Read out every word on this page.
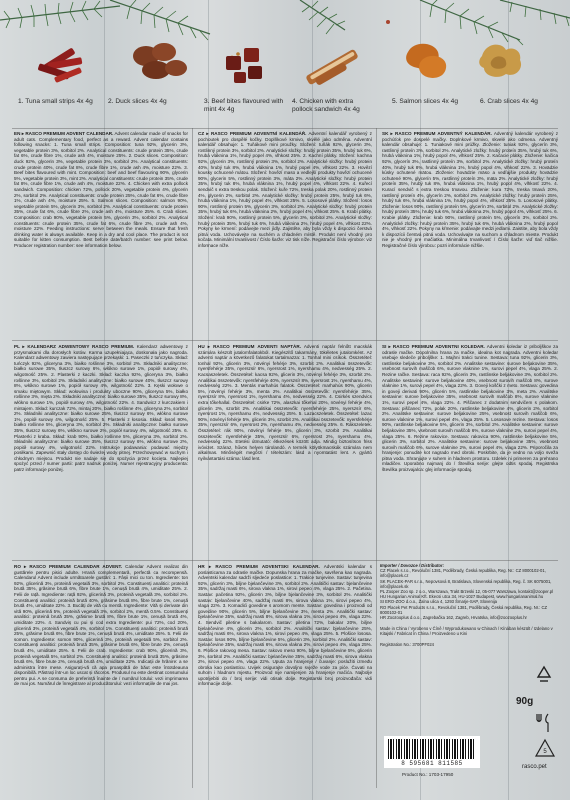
1. Tuna small strips 4x 4g	2. Duck slices 4x 4g	3. Beef bites flavoured with mint 4x 4g
4. Chicken with extra pollock sandwich 4x 4g
5. Salmon slices 4x 4g	6. Crab slices 4x 4g

EN ▸ RASCO PREMIUM ADVENT CALENDAR. Advent calendar made of snacks for adult cats. Complementary food, perfect as a reward. Advent calendar contains following snacks: 1. Tuna small strips. Composition: tuna 92%, glycerin 3%, vegetable protein 3%, sorbitol 2%. Analytical constituents: crude protein 35%, crude fat 6%, crude fibre 1%, crude ash 4%, moisture 25%. 2. Duck slices. Composition: duck 92%, glycerin 3%, vegetable protein 3%, sorbitol 2%. Analytical constituents: crude protein 40%, crude fat 8%, crude fibre 1%, crude ash 4%, moisture 22%. 3. Beef bites flavoured with mint. Composition: beef and beef flavouring 90%, glycerin 5%, vegetable protein 3%, mint 2%. Analytical constituents: crude protein 35%, crude fat 8%, crude fibre 1%, crude ash 4%, moisture 22%. 4. Chicken with extra pollock sandwich. Composition: chicken 72%, pollock 20%, vegetable protein 4%, glycerin 2%, sorbitol 2%. Analytical constituents: crude protein 25%, crude fat 6%, crude fibre 1%, crude ash 4%, moisture 25%. 5. Salmon slices. Composition: salmon 90%, vegetable protein 5%, glycerin 3%, sorbitol 2%. Analytical constituents: crude protein 35%, crude fat 6%, crude fibre 2%, crude ash 4%, moisture 25%. 6. Crab slices. Composition: crab 90%, vegetable protein 5%, glycerin 3%, sorbitol 2%. Analytical constituents: crude protein 35%, crude fat 6%, crude fibre 2%, crude ash 4%, moisture 22%. Feeding instructions: serve between the meals. Ensure that fresh drinking water is always available. Keep in a dry and cool place. The product is not suitable for kitten consumption. Best before date/batch number: see print below. Producer registration number: see information below.

CZ ▸ RASCO PREMIUM ADVENTNÍ KALENDÁŘ. Adventní kalendář vyrobený z pochoutek pro dospělé kočky. Doplňkové krmivo, skvělé jako odměna. Adventní kalendář obsahuje: 1. Tuňákové mini proužky. Složení: tuňák 92%, glycerin 3%, rostlinný protein 3%, sorbitol 2%. Analytické složky: hrubý protein 35%, hrubý tuk 6%, hrubá vláknina 1%, hrubý popel 4%, vlhkost 25%. 2. Kachní plátky. Složení: kachna 92%, glycerin 3%, rostlinný protein 3%, sorbitol 2%. Analytické složky: hrubý protein 40%, hrubý tuk 8%, hrubá vláknina 1%, hrubý popel 4%, vlhkost 22%. 3. Hovězí kousky ochucené mátou. Složení: hovězí maso a vedlejší produkty hovězí ochucené 90%, glycerin 5%, rostlinný protein 3%, máta 2%. Analytické složky: hrubý protein 35%, hrubý tuk 8%, hrubá vláknina 1%, hrubý popel 4%, vlhkost 22%. 4. Kuřecí sendvič s extra treskou polak. Složení: kuře 72%, treska polak 20%, rostlinný protein 4%, glycerin 2%, sorbitol 2%. Analytické složky: hrubý protein 25%, hrubý tuk 6%, hrubá vláknina 1%, hrubý popel 4%, vlhkost 25%. 5. Lososové plátky. Složení: losos 90%, rostlinný protein 5%, glycerin 3%, sorbitol 2%. Analytické složky: hrubý protein 35%, hrubý tuk 6%, hrubá vláknina 2%, hrubý popel 4%, vlhkost 25%. 6. Krabí plátky. Složení: krab 90%, rostlinný protein 5%, glycerin 3%, sorbitol 2%. Analytické složky: hrubý protein 35%, hrubý tuk 6%, hrubá vláknina 2%, hrubý popel 4%, vlhkost 22%. Pokyny ke krmení: podávejte mezi jídly. Zajistěte, aby byla vždy k dispozici čerstvá pitná voda. Uchovávejte na suchém a chladném místě. Produkt není vhodný pro kočata. Minimální trvanlivost / Číslo šarže: viz tisk níže. Registrační číslo výrobce: viz informace níže.

SK ▸ RASCO PREMIUM ADVENTNÝ KALENDÁR. Adventný kalendár vyrobený z pochúťok pre dospelé mačky. Doplnkové krmivo, skvelé ako odmena. Adventný kalendár obsahuje: 1. Tuniakové mini prúžky. Zloženie: tuniak 92%, glycerín 3%, rastlinný proteín 3%, sorbitol 2%. Analytické zložky: hrubý proteín 35%, hrubý tuk 6%, hrubá vláknina 1%, hrubý popol 4%, vlhkosť 25%. 2. Kačacie plátky. Zloženie: kačica 92%, glycerín 3%, rastlinný proteín 3%, sorbitol 2%. Analytické zložky: hrubý proteín 40%, hrubý tuk 8%, hrubá vláknina 1%, hrubý popol 4%, vlhkosť 22%. 3. Hovädzie kúsky ochutené mätou. Zloženie: hovädzie mäso a vedľajšie produkty hovädzie ochutené 90%, glycerín 5%, rastlinný proteín 3%, mäta 2%. Analytické zložky: hrubý proteín 35%, hrubý tuk 8%, hrubá vláknina 1%, hrubý popol 4%, vlhkosť 22%. 4. Kurací sendvič s extra treskou tmavou. Zloženie: kura 72%, treska tmavá 20%, rastlinný proteín 4%, glycerín 2%, sorbitol 2%. Analytické zložky: hrubý proteín 25%, hrubý tuk 6%, hrubá vláknina 1%, hrubý popol 4%, vlhkosť 25%. 5. Lososové plátky. Zloženie: losos 90%, rastlinný proteín 5%, glycerín 3%, sorbitol 2%. Analytické zložky: hrubý proteín 35%, hrubý tuk 6%, hrubá vláknina 2%, hrubý popol 4%, vlhkosť 25%. 6. Krabie plátky. Zloženie: krab 90%, rastlinný proteín 5%, glycerín 3%, sorbitol 2%. Analytické zložky: hrubý proteín 35%, hrubý tuk 6%, hrubá vláknina 2%, hrubý popol 4%, vlhkosť 22%. Pokyny na kŕmenie: podávajte medzi jedlami. Zaistite, aby bola vždy k dispozícii čerstvá pitná voda. Uchovávajte na suchom a chladnom mieste. Produkt nie je vhodný pre mačiatka. Minimálna trvanlivosť / Číslo šarže: viď tlač nižšie. Registračné číslo výrobcu: pozri informácie nižšie.

PL ▸ KALENDARZ ADWENTOWY RASCO PREMIUM. Kalendarz adwentowy z przysmakami dla dorosłych kotów. Karma uzupełniająca, doskonała jako nagroda. Kalendarz adwentowy zawiera następujące przekąski: 1. Paseczki z tuńczyka. Skład: tuńczyk 92%, gliceryna 3%, białko roślinne 3%, sorbitol 2%. Składniki analityczne: białko surowe 35%, tłuszcz surowy 6%, włókno surowe 1%, popiół surowy 4%, wilgotność 25%. 2. Plasterki z kaczki. Skład: kaczka 92%, gliceryna 3%, białko roślinne 3%, sorbitol 2%. Składniki analityczne: białko surowe 40%, tłuszcz surowy 8%, włókno surowe 1%, popiół surowy 4%, wilgotność 22%. 3. Kęski wołowe o smaku miętowym. Skład: wołowina i produkty uboczne 90%, gliceryna 5%, białko roślinne 3%, mięta 2%. Składniki analityczne: białko surowe 35%, tłuszcz surowy 8%, włókno surowe 1%, popiół surowy 4%, wilgotność 22%. 4. Sandwicz z kurczakiem i mintajem. Skład: kurczak 72%, mintaj 20%, białko roślinne 4%, gliceryna 2%, sorbitol 2%. Składniki analityczne: białko surowe 25%, tłuszcz surowy 6%, włókno surowe 1%, popiół surowy 4%, wilgotność 25%. 5. Plasterki z łososia. Skład: łosoś 90%, białko roślinne 5%, gliceryna 3%, sorbitol 2%. Składniki analityczne: białko surowe 35%, tłuszcz surowy 6%, włókno surowe 2%, popiół surowy 4%, wilgotność 25%. 6. Plasterki z kraba. Skład: krab 90%, białko roślinne 5%, gliceryna 3%, sorbitol 2%. Składniki analityczne: białko surowe 35%, tłuszcz surowy 6%, włókno surowe 2%, popiół surowy 4%, wilgotność 22%. Instrukcje podawania: podawać między posiłkami. Zapewnić stały dostęp do świeżej wody pitnej. Przechowywać w suchym i chłodnym miejscu. Produkt nie nadaje się do spożycia przez kocięta. Najlepiej spożyć przed / numer partii: patrz nadruk poniżej. Numer rejestracyjny producenta: patrz informacje poniżej.

HU ▸ RASCO PREMIUM ADVENTI NAPTÁR. Adventi naptár felnőtt macskák számára készült jutalomfalatokból. Kiegészítő takarmány, tökéletes jutalomként. Az adventi naptár a következő falatokat tartalmazza: 1. Tonhal mini csíkok. Összetétel: tonhal 92%, glicerin 3%, növényi fehérje 3%, szorbit 2%. Analitikai összetevők: nyersfehérje 35%, nyerszsír 6%, nyersrost 1%, nyershamu 4%, nedvesség 25%. 2. Kacsaszeletek. Összetétel: kacsa 92%, glicerin 3%, növényi fehérje 3%, szorbit 2%. Analitikai összetevők: nyersfehérje 40%, nyerszsír 8%, nyersrost 1%, nyershamu 4%, nedvesség 22%. 3. Mentás marhahús falatok. Összetétel: marhahús 90%, glicerin 5%, növényi fehérje 3%, menta 2%. Analitikai összetevők: nyersfehérje 35%, nyerszsír 8%, nyersrost 1%, nyershamu 4%, nedvesség 22%. 4. Csirkés szendvics extra tőkehallal. Összetétel: csirke 72%, alaszkai tőkehal 20%, növényi fehérje 4%, glicerin 2%, szorbit 2%. Analitikai összetevők: nyersfehérje 25%, nyerszsír 6%, nyersrost 1%, nyershamu 4%, nedvesség 25%. 5. Lazacszeletek. Összetétel: lazac 90%, növényi fehérje 5%, glicerin 3%, szorbit 2%. Analitikai összetevők: nyersfehérje 35%, nyerszsír 6%, nyersrost 2%, nyershamu 4%, nedvesség 25%. 6. Rákszeletek. Összetétel: rák 90%, növényi fehérje 5%, glicerin 3%, szorbit 2%. Analitikai összetevők: nyersfehérje 35%, nyerszsír 6%, nyersrost 2%, nyershamu 4%, nedvesség 22%. Etetési útmutató: étkezések között adja. Mindig biztosítson friss ivóvizet. Száraz, hűvös helyen tárolandó. A termék kölyökmacskák számára nem alkalmas. Minőségét megőrzi / tételszám: lásd a nyomtatást lent. A gyártó nyilvántartási száma: lásd lent.

SI ▸ RASCO PREMIUM ADVENTNI KOLEDAR. Adventni koledar iz priboljškov za odrasle mačke. Dopolnilna hrana za mačke, idealna kot nagrada. Adventni koledar vsebuje sledeče priboljške: 1. Majhni trakci tunine. Sestava: tuna 92%, glicerin 3%, rastlinske beljakovine 3%, sorbitol 2%. Analitske sestavine: surove beljakovine 35%, vsebnost surovih maščob 6%, surove vlaknine 1%, surovi pepel 4%, vlaga 25%. 2. Rezine račke. Sestava: raca 92%, glicerin 3%, rastlinske beljakovine 3%, sorbitol 2%. Analitske sestavine: surove beljakovine 40%, vsebnost surovih maščob 8%, surove vlaknine 1%, surovi pepel 4%, vlaga 22%. 3. Goveji koščki z meto. Sestava: govedina in goveji derivati 90%, glicerin 5%, rastlinske beljakovine 3%, meta 2%. Analitske sestavine: surove beljakovine 35%, vsebnost surovih maščob 8%, surove vlaknine 1%, surovi pepel 4%, vlaga 22%. 4. Piščanec z dodatnim sendvičem s polakom. Sestava: piščanec 72%, polak 20%, rastlinske beljakovine 4%, glicerin 2%, sorbitol 2%. Analitske sestavine: surove beljakovine 25%, vsebnost surovih maščob 6%, surove vlaknine 1%, surovi pepel 4%, vlaga 25%. 5. Lososove rezine. Sestava: losos 90%, rastlinske beljakovine 5%, glicerin 3%, sorbitol 2%. Analitske sestavine: surove beljakovine 35%, vsebnost surovih maščob 6%, surove vlaknine 2%, surovi pepel 4%, vlaga 25%. 6. Rezine rakovice. Sestava: rakovica 90%, rastlinske beljakovine 5%, glicerin 3%, sorbitol 2%. Analitske sestavine: surove beljakovine 35%, vsebnost surovih maščob 6%, surove vlaknine 2%, surovi pepel 4%, vlaga 22%. Priporočila za hranjenje: ponudite kot nagrado med obroki. Poskrbite, da je vedno na voljo sveža pitna voda. Shranjujte v suhem in hladnem prostoru. Izdelek ni primeren za prehrano mladičev. Uporabno najmanj do / Številka serije: glejte odtis spodaj. Registrska številka proizvajalca: glej informacije spodaj.

RO ▸ RASCO PREMIUM CALENDAR ADVENT. Calendar Advent realizat din gustărele pentru pisici adulte. Hrană complementară, perfectă ca recompensă. Calendarul Advent include următoarele gustări: 1. Fâșii mici cu ton. Ingrediente: ton 92%, glicerină 3%, proteină vegetală 3%, sorbitol 2%. Constituenți analitici: proteină brută 35%, grăsime brută 6%, fibre brute 1%, cenușă brută 4%, umiditate 25%. 2. Felii de rață. Ingrediente: rață 92%, glicerină 3%, proteină vegetală 3%, sorbitol 2%. Constituenți analitici: proteină brută 40%, grăsime brută 8%, fibre brute 1%, cenușă brută 4%, umiditate 22%. 3. Bucăți de vită cu mentă. Ingrediente: Vită și derivate din vită 90%, glicerină 5%, proteină vegetală 3%, sorbitol 2%, mentă 0.5%. Constituenți analitici: proteină brută 35%, grăsime brută 8%, fibre brute 1%, cenușă brută 4%, umiditate 22%. 4. Sandviș cu pui și cod extra Ingrediente: pui 72%, cod 20%, glicerină 3%, proteină vegetală 4%, sorbitol 1%. Constituenți analitici: proteină brută 25%, grăsime brută 6%, fibre brute 1%, cenușă brută 4%, umiditate 25%. 5. Felii de somon. Ingrediente: somon 90%, glicerină 3%, proteină vegetală 5%, sorbitol 2%. Constituenți analitici: proteină brută 35%, grăsime brută 6%, fibre brute 2%, cenușă brută 4%, umiditate 25%. 6. Felii de crab. Ingrediente: crab 90%, glicerină 3%, proteină vegetală 5%, sorbitol 2%. Constituenți analitici: proteină brută 35%, grăsime brută 6%, fibre brute 2%, cenușă brută 4%, umiditate 22%. Indicații de hrănire: a se administra între mese. Asigurați-vă că apa proaspătă de băut este întotdeauna disponibilă. Păstrați într-un loc uscat și răcoros. Produsul nu este destinat consumului pentru pui. A se consuma de preferință înainte de / numărul lotului: vezi imprimarea de mai jos. Numărul de înregistrare al producătorului: vezi informațiile de mai jos.

HR ▸ RASCO PREMIUM ADVENTSKI KALENDAR. Adventski kalendar s poslasticama za odrasle mačke. Dopunska hrana za mačke, savršena kao nagrada. Adventski kalendar sadrži sljedeće poslastice: 1. Trakice tunjevine. Sastav: tunjevina 92%, glicerin 3%, biljne bjelančevine 3%, sorbitol 2%. Analitički sastav: bjelančevine 35%, sadržaj masti 6%, sirova vlakna 1%, sirovi pepeo 4%, vlaga 25%. 2. Pačetina. Sastav: pačetina 92%, glicerin 3%, biljne bjelančevine 3%, sorbitol 2%. Analitički sastav: bjelančevine 40%, sadržaj masti 8%, sirova vlakna 1%, sirovi pepeo 4%, vlaga 22%. 3. Komadići govedine s aromom mente. Sastav: govedina i proizvodi od govedine 90%, glicerin 5%, biljne bjelančevine 3%, menta 2%. Analitički sastav: bjelančevine 35%, sadržaj masti 8%, sirova vlakna 1%, sirovi pepeo 4%, vlaga 22%. 4. Sendvič piletine s bakalarom. Sastav: piletina 72%, bakalar 20%, biljne bjelančevine 4%, glicerin 2%, sorbitol 2%. Analitički sastav: bjelančevine 25%, sadržaj masti 6%, sirova vlakna 1%, sirovi pepeo 4%, vlaga 25%. 5. Plošice lososa. Sastav: losos 90%, biljne bjelančevine 5%, glicerin 3%, sorbitol 2%. Analitički sastav: bjelančevine 35%, sadržaj masti 6%, sirova vlakna 2%, sirovi pepeo 4%, vlaga 25%. 6. Plošice rakovog mesa. Sastav: rakovo meso 90%, biljne bjelančevine 5%, glicerin 3%, sorbitol 2%. Analitički sastav: bjelančevine 35%, sadržaj masti 6%, sirova vlakna 2%, sirovi pepeo 4%, vlaga 22%. Uputa za hranjenje / čuvanje: poslužiti između obroka kao poslasticu. Uvijek osigurajte dovoljno svježe vode za piće. Čuvati na suhom i hladnom mjestu. Proizvod nije namijenjen za hranjenje mačića. Najbolje upotrijebiti do / broj serije: vidi otisak dolje. Registarski broj proizvođača: vidi informacije dolje.

Importer / Dovozce / Distributor:
CZ Placek s.r.o., Revoluční 1381, Poděbrady, Česká republika, Reg. Nr.: CZ 8000102-01, info@placek.cz
SK PLACEK-PAR s.r.o., Nepovsová 8, Bratislava, Slovenská republika, Reg. č. SK 6075001, info@placek.sk
PL Zooper Zoo sp. z o.o., Warszawa, Trakt Brzeski 12, 05-077 Warszawa, kontakt@zooper.pl
HU Hungarian Animal Kft. Ekecsi utca 34, HU-1027 Budapest, www.hungariananimal.hu
SI ERO-ZOO d.o.o., Žalna ulica 4, 1293 Šmarje-SAP, Slovenija
RO Placek Pet Products s.r.o., Revoluční 1381, Poděbrady, Česká republika, Reg. Nr.: CZ 8000102-01
HR Zoozooplus d.o.o., Zagrebačka 162, Zagreb, Hrvatska, info@zoozooplus.hr
Made in China / Vyrobeno v Číně / Wyprodukowano w Chinach / Kínában készült / Izdelano v Kitajski / Fabricat în China / Proizvedeno u Kini
Registration No.: 3700PF024
5
90g
8 595681 811585
Product No.: 1703-17950
rasco.pet
